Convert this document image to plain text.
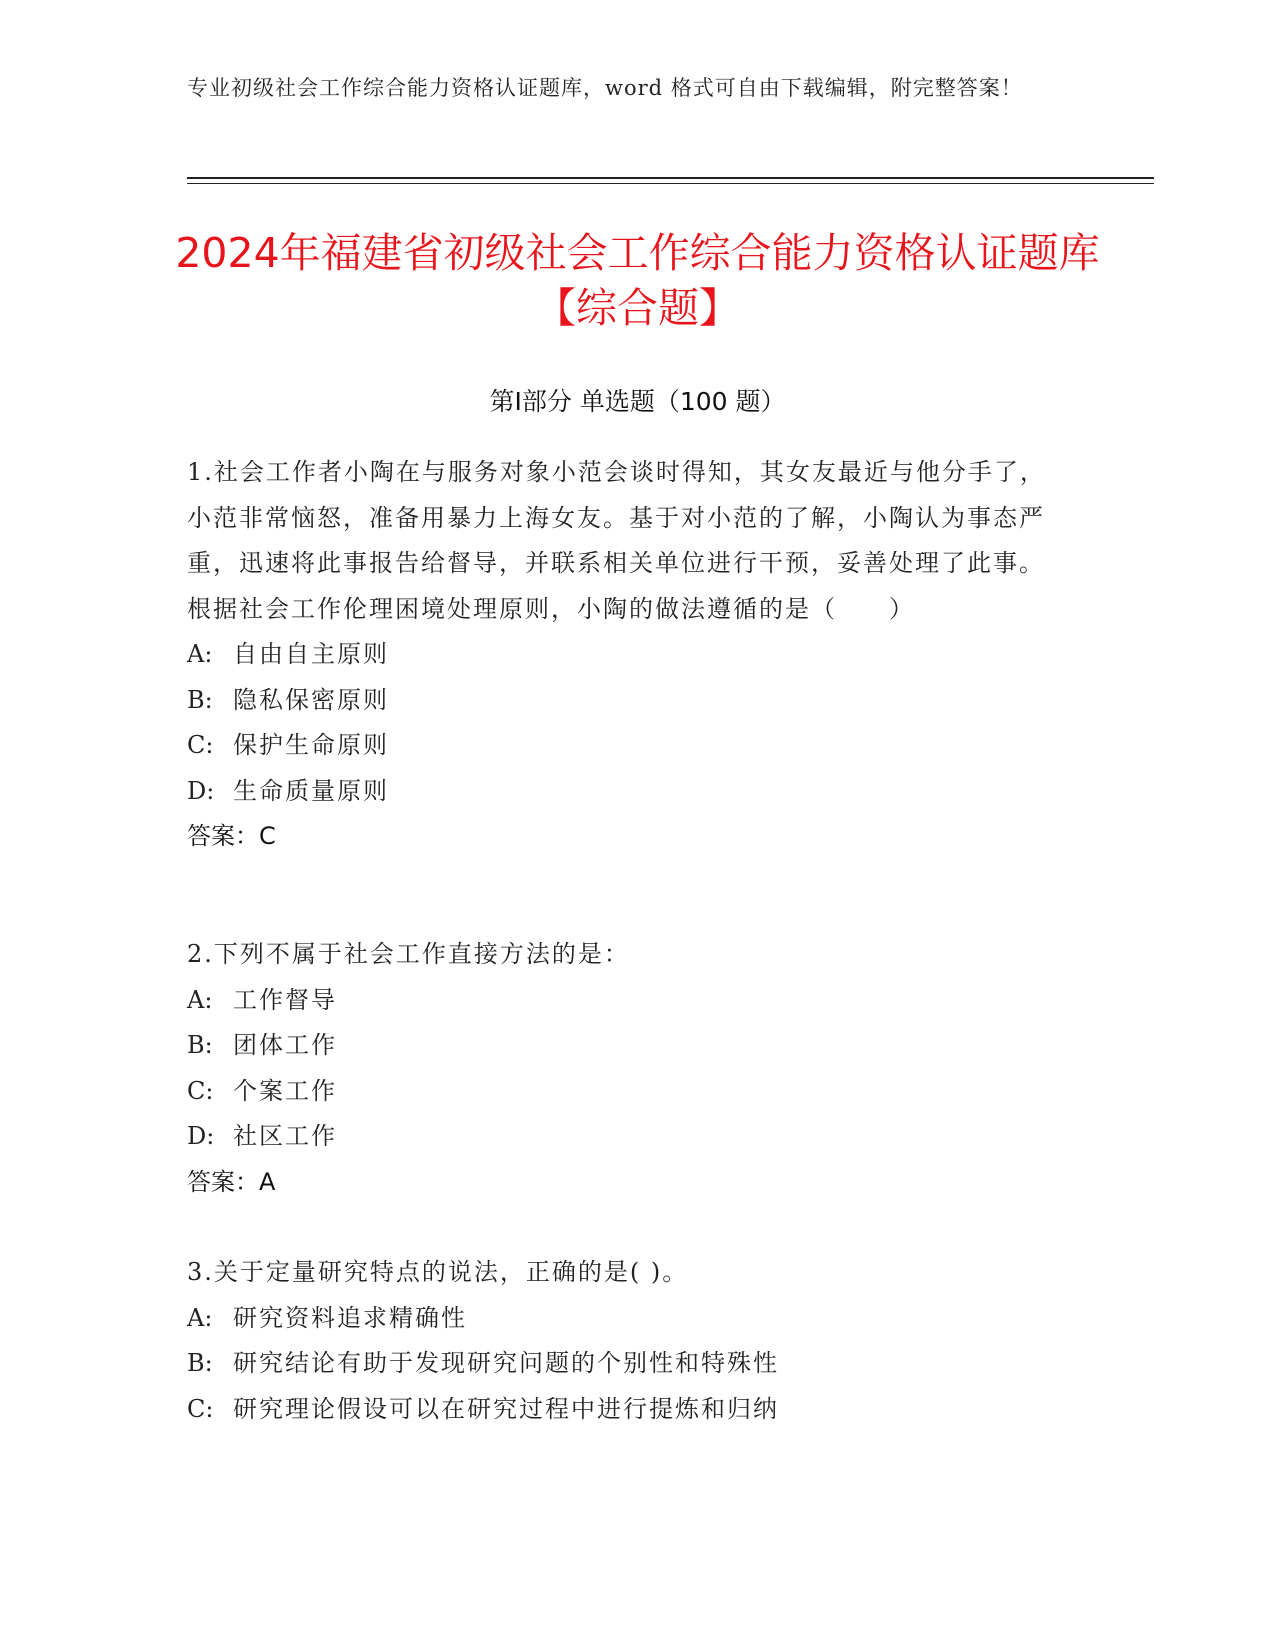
专业初级社会工作综合能力资格认证题库，word 格式可自由下载编辑，附完整答案！
2024年福建省初级社会工作综合能力资格认证题库【综合题】
第Ⅰ部分 单选题（100 题）

1.社会工作者小陶在与服务对象小范会谈时得知，其女友最近与他分手了，小范非常恼怒，准备用暴力上海女友。基于对小范的了解，小陶认为事态严重，迅速将此事报告给督导，并联系相关单位进行干预，妥善处理了此事。根据社会工作伦理困境处理原则，小陶的做法遵循的是（　　）

A: 自由自主原则

B: 隐私保密原则

C: 保护生命原则

D: 生命质量原则

答案：C

2.下列不属于社会工作直接方法的是：

A: 工作督导

B: 团体工作

C: 个案工作

D: 社区工作

答案：A

3.关于定量研究特点的说法，正确的是( )。

A: 研究资料追求精确性

B: 研究结论有助于发现研究问题的个别性和特殊性

C: 研究理论假设可以在研究过程中进行提炼和归纳
